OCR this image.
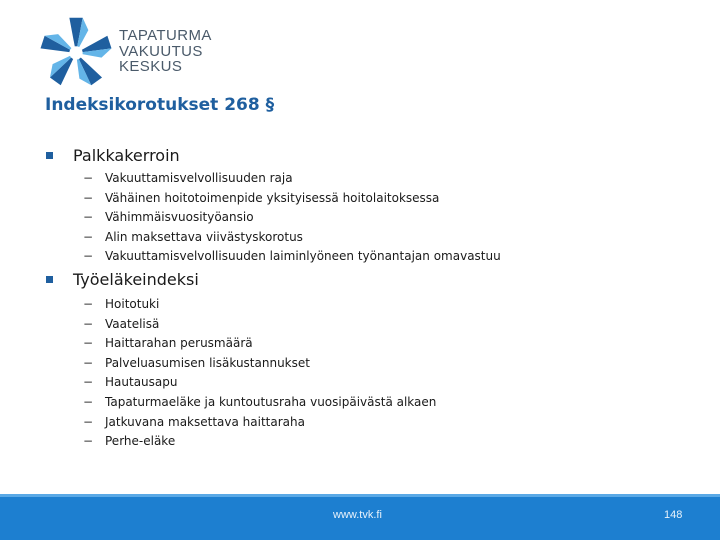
TAPATURMA
VAKUUTUS
KESKUS
Indeksikorotukset 268 §
Palkkakerroin
− Vakuuttamisvelvollisuuden raja
− Vähäinen hoitotoimenpide yksityisessä hoitolaitoksessa
− Vähimmäisvuosityöansio
− Alin maksettava viivästyskorotus
− Vakuuttamisvelvollisuuden laiminlyöneen työnantajan omavastuu
Työeläkeindeksi
− Hoitotuki
− Vaatelisä
− Haittarahan perusmäärä
− Palveluasumisen lisäkustannukset
− Hautausapu
− Tapaturmaeläke ja kuntoutusraha vuosipäivästä alkaen
− Jatkuvana maksettava haittaraha
− Perhe-eläke
www.tvk.fi	148
